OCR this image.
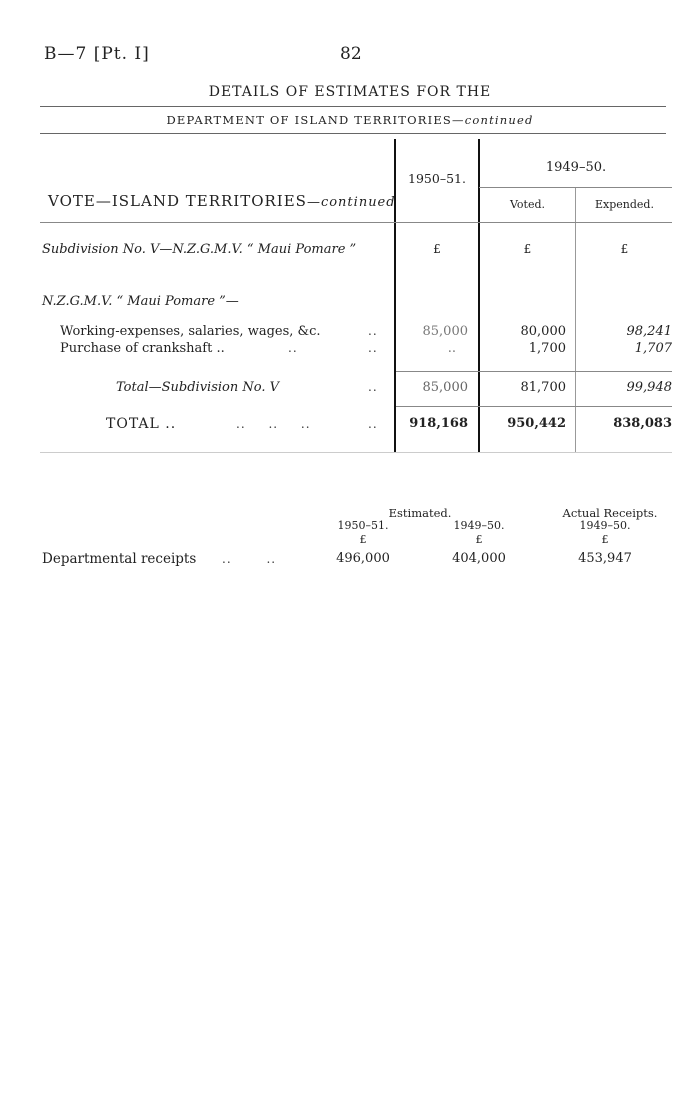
B—7 [Pt. I]	82
DETAILS OF ESTIMATES FOR THE
DEPARTMENT OF ISLAND TERRITORIES—continued
VOTE—ISLAND TERRITORIES—continued
1950–51.
1949–50.
Voted.	Expended.
Subdivision No. V—N.Z.G.M.V. “ Maui Pomare ”	£	£	£
N.Z.G.M.V. “ Maui Pomare ”—
Working-expenses, salaries, wages, &c.	..	85,000	80,000	98,241
Purchase of crankshaft ..	..	..	..	1,700	1,707
Total—Subdivision No. V	..	85,000	81,700	99,948
TOTAL ..	.. .. ..	..	918,168	950,442	838,083
Estimated.	Actual Receipts.
1950–51.	1949–50.	1949–50.
£	£	£
Departmental receipts .. ..	496,000	404,000	453,947
